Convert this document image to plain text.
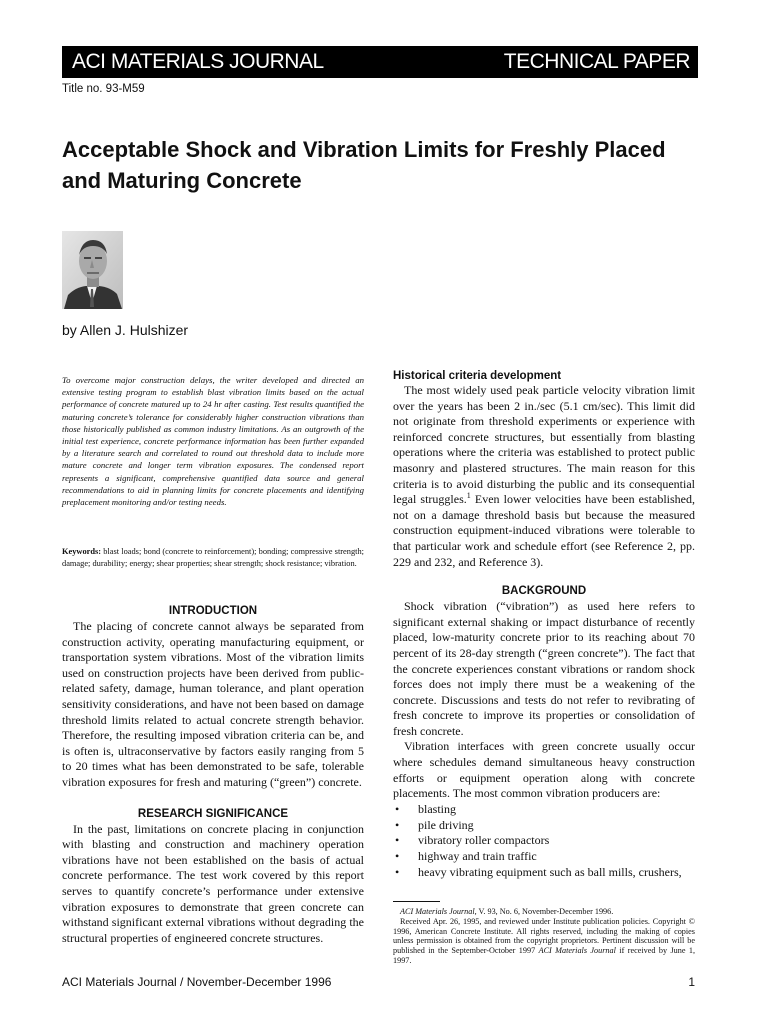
ACI MATERIALS JOURNAL	TECHNICAL PAPER
Title no. 93-M59
Acceptable Shock and Vibration Limits for Freshly Placed and Maturing Concrete
by Allen J. Hulshizer

To overcome major construction delays, the writer developed and directed an extensive testing program to establish blast vibration limits based on the actual performance of concrete matured up to 24 hr after casting. Test results quantified the maturing concrete’s tolerance for considerably higher construction vibrations than those historically published as common industry limitations. As an outgrowth of the initial test experience, concrete performance information has been further expanded by a literature search and correlated to round out threshold data to include more mature concrete and longer term vibration exposures. The condensed report represents a significant, comprehensive quantified data source and general recommendations to aid in planning limits for concrete placements and identifying preplacement monitoring and/or testing needs.

Keywords: blast loads; bond (concrete to reinforcement); bonding; compressive strength; damage; durability; energy; shear properties; shear strength; shock resistance; vibration.

INTRODUCTION

The placing of concrete cannot always be separated from construction activity, operating manufacturing equipment, or transportation system vibrations. Most of the vibration limits used on construction projects have been derived from public-related safety, damage, human tolerance, and plant operation sensitivity considerations, and have not been based on damage threshold limits related to actual concrete strength behavior. Therefore, the resulting imposed vibration criteria can be, and is often is, ultraconservative by factors easily ranging from 5 to 20 times what has been demonstrated to be safe, tolerable vibration exposures for fresh and maturing (“green”) concrete.

RESEARCH SIGNIFICANCE

In the past, limitations on concrete placing in conjunction with blasting and construction and machinery operation vibrations have not been established on the basis of actual concrete performance. The test work covered by this report serves to quantify concrete’s performance under extensive vibration exposures to demonstrate that green concrete can withstand significant external vibrations without degrading the structural properties of engineered concrete structures.

Historical criteria development

The most widely used peak particle velocity vibration limit over the years has been 2 in./sec (5.1 cm/sec). This limit did not originate from threshold experiments or experience with reinforced concrete structures, but essentially from blasting operations where the criteria was established to protect public masonry and plastered structures. The main reason for this criteria is to avoid disturbing the public and its consequential legal struggles.$^1$ Even lower velocities have been established, not on a damage threshold basis but because the measured construction equipment-induced vibrations were tolerable to that particular work and schedule effort (see Reference 2, pp. 229 and 232, and Reference 3).

BACKGROUND

Shock vibration (“vibration”) as used here refers to significant external shaking or impact disturbance of recently placed, low-maturity concrete prior to its reaching about 70 percent of its 28-day strength (“green concrete”). The fact that the concrete experiences constant vibrations or random shock forces does not imply there must be a weakening of the concrete. Discussions and tests do not refer to revibrating of fresh concrete to improve its properties or consolidation of fresh concrete.

Vibration interfaces with green concrete usually occur where schedules demand simultaneous heavy construction efforts or equipment operation along with concrete placements. The most common vibration producers are:

• blasting
• pile driving
• vibratory roller compactors
• highway and train traffic
• heavy vibrating equipment such as ball mills, crushers,

ACI Materials Journal, V. 93, No. 6, November-December 1996.
Received Apr. 26, 1995, and reviewed under Institute publication policies. Copyright © 1996, American Concrete Institute. All rights reserved, including the making of copies unless permission is obtained from the copyright proprietors. Pertinent discussion will be published in the September-October 1997 ACI Materials Journal if received by June 1, 1997.

ACI Materials Journal / November-December 1996	1
